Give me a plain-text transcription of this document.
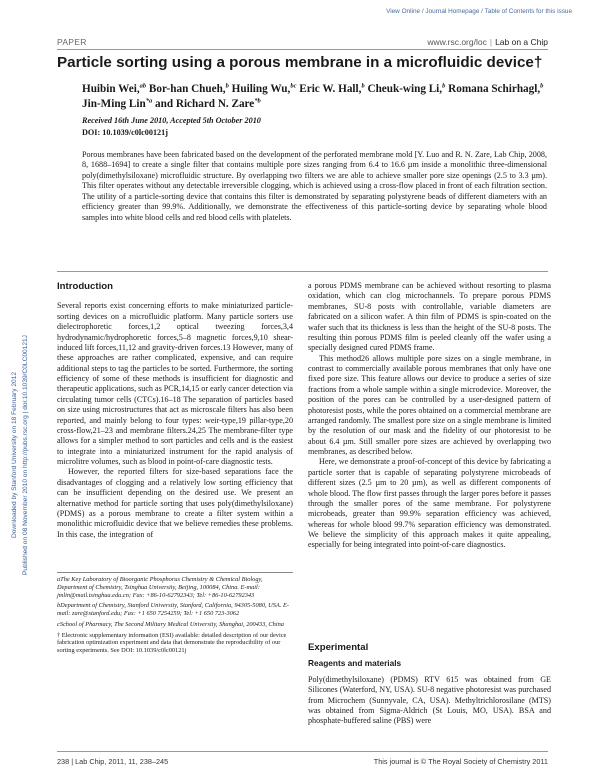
View Online / Journal Homepage / Table of Contents for this issue
PAPER	www.rsc.org/loc | Lab on a Chip
Particle sorting using a porous membrane in a microfluidic device†
Huibin Wei,$^{ab}$ Bor-han Chueh,$^b$ Huiling Wu,$^{bc}$ Eric W. Hall,$^b$ Cheuk-wing Li,$^b$ Romana Schirhagl,$^b$
Jin-Ming Lin$^{*a}$ and Richard N. Zare$^{*b}$
Received 16th June 2010, Accepted 5th October 2010
DOI: 10.1039/c0lc00121j

Porous membranes have been fabricated based on the development of the perforated membrane mold [Y. Luo and R. N. Zare, Lab Chip, 2008, 8, 1688–1694] to create a single filter that contains multiple pore sizes ranging from 6.4 to 16.6 µm inside a monolithic three-dimensional poly(dimethylsiloxane) microfluidic structure. By overlapping two filters we are able to achieve smaller pore size openings (2.5 to 3.3 µm). This filter operates without any detectable irreversible clogging, which is achieved using a cross-flow placed in front of each filtration section. The utility of a particle-sorting device that contains this filter is demonstrated by separating polystyrene beads of different diameters with an efficiency greater than 99.9%. Additionally, we demonstrate the effectiveness of this particle-sorting device by separating whole blood samples into white blood cells and red blood cells with platelets.

Downloaded by Stanford University on 18 February 2012 Published on 08 November 2010 on http://pubs.rsc.org | doi:10.1039/C0LC00121J
Introduction

Several reports exist concerning efforts to make miniaturized particle-sorting devices on a microfluidic platform. Many particle sorters use dielectrophoretic forces,1,2 optical tweezing forces,3,4 hydrodynamic/hydrophoretic forces,5–8 magnetic forces,9,10 shear-induced lift forces,11,12 and gravity-driven forces.13 However, many of these approaches are rather complicated, expensive, and can require additional steps to tag the particles to be sorted. Furthermore, the sorting efficiency of some of these methods is insufficient for diagnostic and therapeutic applications, such as PCR,14,15 or early cancer detection via circulating tumor cells (CTCs).16–18 The separation of particles based on size using microstructures that act as microscale filters has also been reported, and mainly belong to four types: weir-type,19 pillar-type,20 cross-flow,21–23 and membrane filters.24,25 The membrane-filter type allows for a simpler method to sort particles and cells and is the easiest to integrate into a miniaturized instrument for the rapid analysis of microlitre volumes, such as blood in point-of-care diagnostic tests.

However, the reported filters for size-based separations face the disadvantages of clogging and a relatively low sorting efficiency that can be insufficient depending on the desired use. We present an alternative method for particle sorting that uses poly(dimethylsiloxane) (PDMS) as a porous membrane to create a filter system within a monolithic microfluidic device that we believe remedies these problems. In this case, the integration of

aThe Key Laboratory of Bioorganic Phosphorus Chemistry & Chemical Biology, Department of Chemistry, Tsinghua University, Beijing, 100084, China. E-mail: jmlin@mail.tsinghua.edu.cn; Fax: +86-10-62792343; Tel: +86-10-62792343

bDepartment of Chemistry, Stanford University, Stanford, California, 94305-5080, USA. E-mail: zare@stanford.edu; Fax: +1 650 7254259; Tel: +1 650 723-3062

cSchool of Pharmacy, The Second Military Medical University, Shanghai, 200433, China

† Electronic supplementary information (ESI) available: detailed description of our device fabrication optimization experiment and data that demonstrate the reproducibility of our sorting experiments. See DOI: 10.1039/c0lc00121j

a porous PDMS membrane can be achieved without resorting to plasma oxidation, which can clog microchannels. To prepare porous PDMS membranes, SU-8 posts with controllable, variable diameters are fabricated on a silicon wafer. A thin film of PDMS is spin-coated on the wafer such that its thickness is less than the height of the SU-8 posts. The resulting thin porous PDMS film is peeled cleanly off the wafer using a specially designed cured PDMS frame.

This method26 allows multiple pore sizes on a single membrane, in contrast to commercially available porous membranes that only have one fixed pore size. This feature allows our device to produce a series of size fractions from a whole sample within a single microdevice. Moreover, the position of the pores can be controlled by a user-designed pattern of photoresist posts, while the pores obtained on a commercial membrane are arranged randomly. The smallest pore size on a single membrane is limited by the resolution of our mask and the fidelity of our photoresist to be about 6.4 µm. Still smaller pore sizes are achieved by overlapping two membranes, as described below.

Here, we demonstrate a proof-of-concept of this device by fabricating a particle sorter that is capable of separating polystyrene microbeads of different sizes (2.5 µm to 20 µm), as well as different components of whole blood. The flow first passes through the larger pores before it passes through the smaller pores of the same membrane. For polystyrene microbeads, greater than 99.9% separation efficiency was achieved, whereas for whole blood 99.7% separation efficiency was demonstrated. We believe the simplicity of this approach makes it quite appealing, especially for being integrated into point-of-care diagnostics.

Experimental
Reagents and materials

Poly(dimethylsiloxane) (PDMS) RTV 615 was obtained from GE Silicones (Waterford, NY, USA). SU-8 negative photoresist was purchased from Microchem (Sunnyvale, CA, USA). Methyltrichlorosilane (MTS) was obtained from Sigma-Aldrich (St Louis, MO, USA). BSA and phosphate-buffered saline (PBS) were

238 | Lab Chip, 2011, 11, 238–245	This journal is © The Royal Society of Chemistry 2011
